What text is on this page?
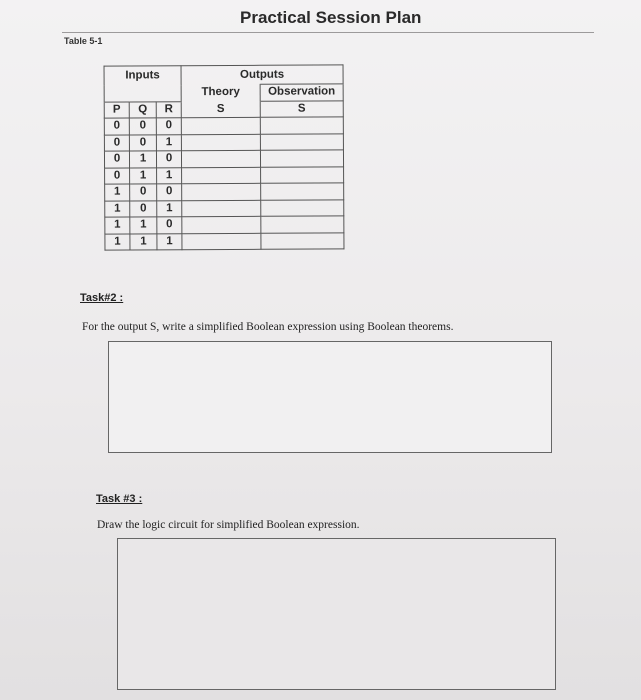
Practical Session Plan
Table 5-1
Inputs			Outputs	
			Theory	Observation
P	Q	R	S	S
0	0	0		
0	0	1		
0	1	0		
0	1	1		
1	0	0		
1	0	1		
1	1	0		
1	1	1		
Task#2 :
For the output S, write a simplified Boolean expression using Boolean theorems.
Task #3 :
Draw the logic circuit for simplified Boolean expression.
